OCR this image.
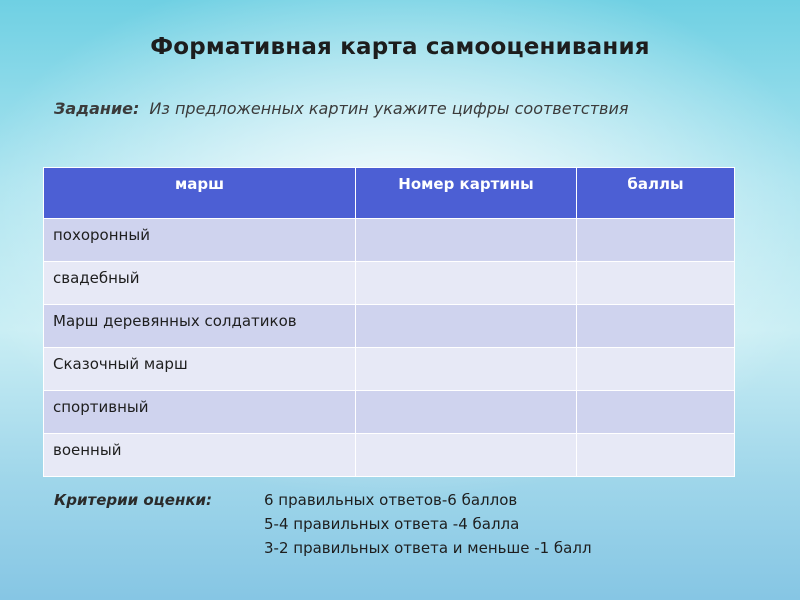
Формативная карта самооценивания
Задание: Из предложенных картин укажите цифры соответствия
марш	Номер картины	баллы
похоронный		
свадебный		
Марш деревянных солдатиков		
Сказочный марш		
спортивный		
военный		
Критерии оценки:	6 правильных ответов-6 баллов
5-4 правильных ответа -4 балла
3-2 правильных ответа и меньше -1 балл
